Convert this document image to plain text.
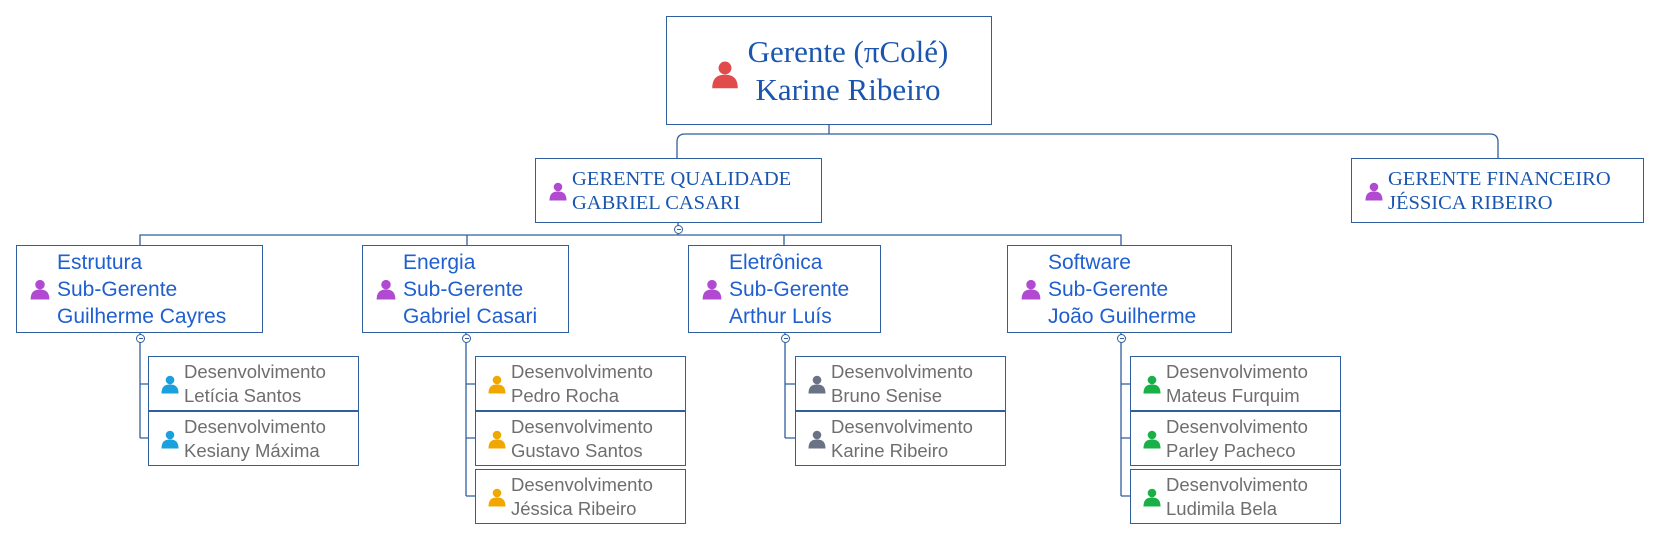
Gerente (πColé)
Karine Ribeiro
GERENTE QUALIDADE
GABRIEL CASARI
GERENTE FINANCEIRO
JÉSSICA RIBEIRO
Estrutura
Sub-Gerente
Guilherme Cayres
Energia
Sub-Gerente
Gabriel Casari
Eletrônica
Sub-Gerente
Arthur Luís
Software
Sub-Gerente
João Guilherme
Desenvolvimento
Letícia Santos
Desenvolvimento
Kesiany Máxima
Desenvolvimento
Pedro Rocha
Desenvolvimento
Gustavo Santos
Desenvolvimento
Jéssica Ribeiro
Desenvolvimento
Bruno Senise
Desenvolvimento
Karine Ribeiro
Desenvolvimento
Mateus Furquim
Desenvolvimento
Parley Pacheco
Desenvolvimento
Ludimila Bela
